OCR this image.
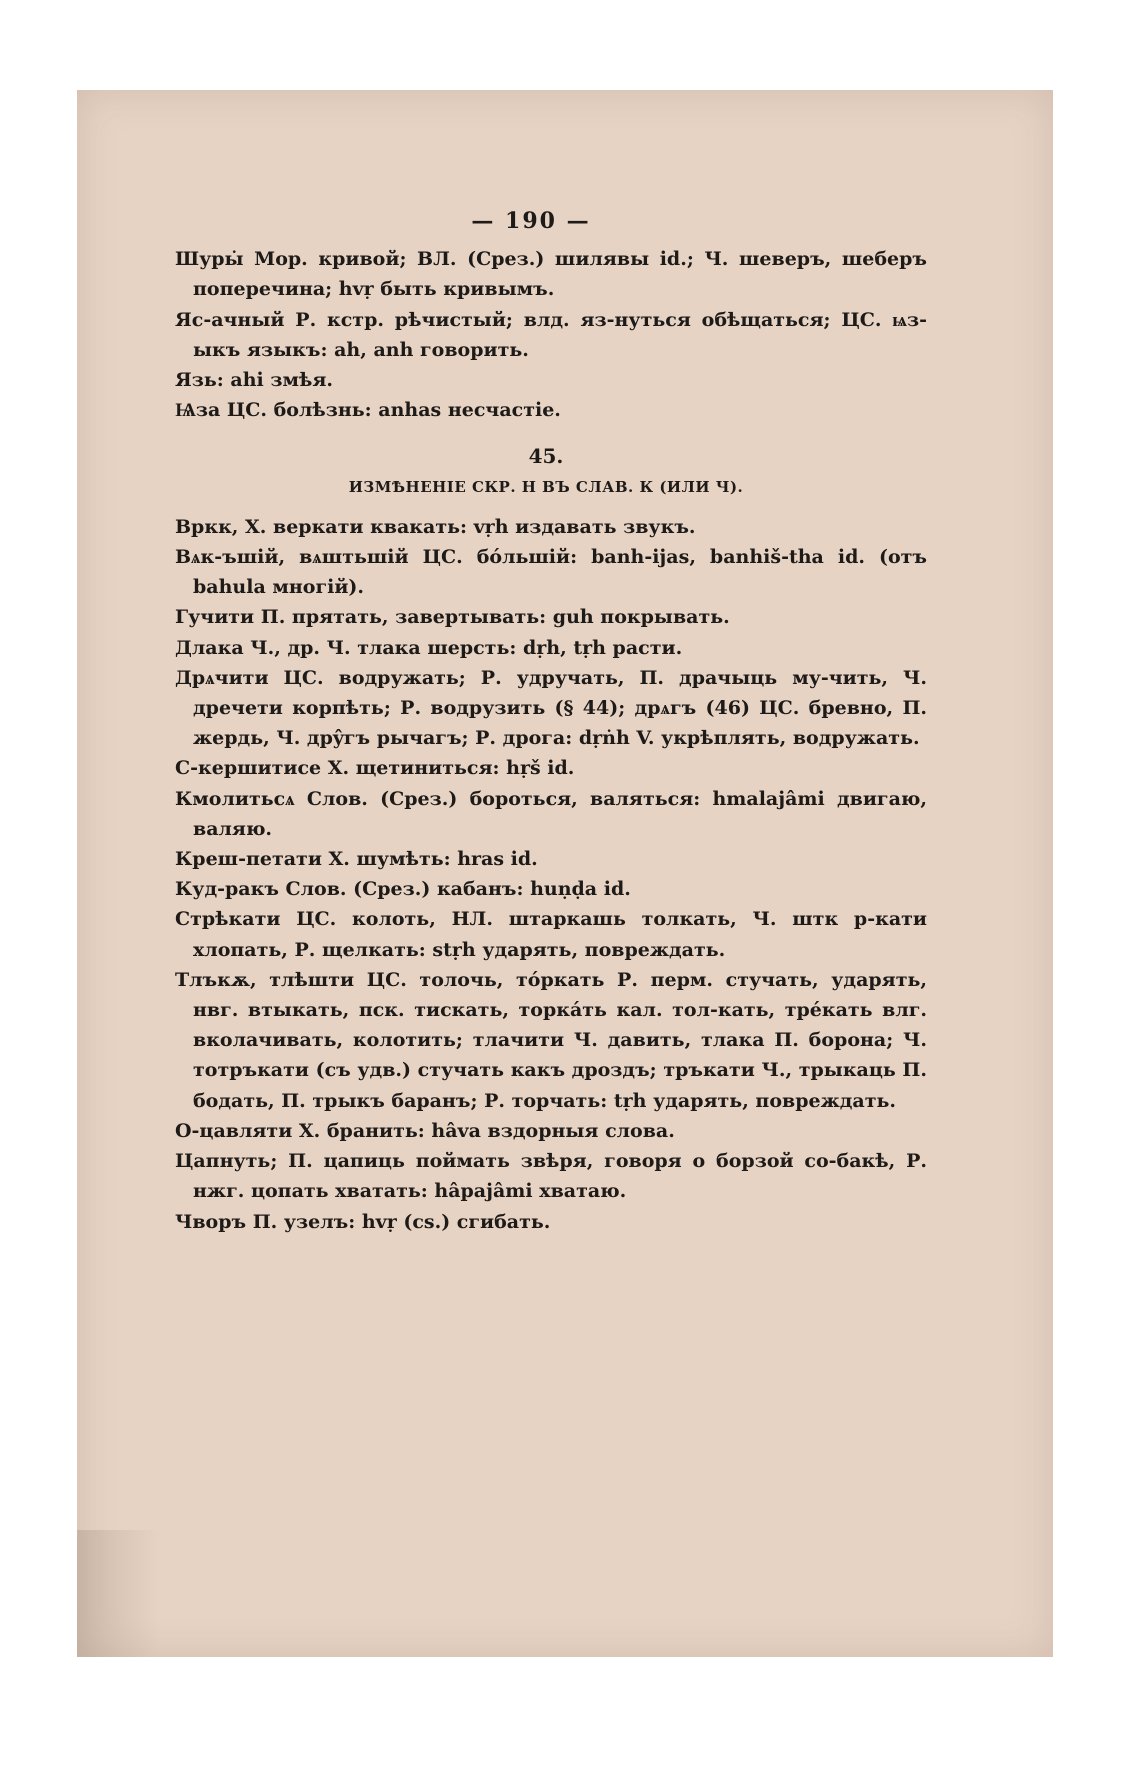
— 190 —

Шуры̇ Мор. кривой; ВЛ. (Срез.) шилявы id.; Ч. шеверъ, шеберъ поперечина; hvṛ быть кривымъ.

Яс-ачный Р. кстр. рѣчистый; влд. яз-нуться обѣщаться; ЦС. ѩз-ыкъ языкъ: ah, anh говорить.

Язь: ahi змѣя.

Ѩза ЦС. болѣзнь: anhas несчастіе.

45.
ИЗМѢНЕНІЕ СКР. H ВЪ СЛАВ. К (ИЛИ Ч).

Вркк, Х. веркати квакать: vṛh издавать звукъ.

Вѧк-ъшій, вѧштьшій ЦС. бóльшій: banh-ijas, banhiš-tha id. (отъ bahula многій).

Гучити П. прятать, завертывать: guh покрывать.

Длака Ч., др. Ч. тлака шерсть: dṛh, tṛh расти.

Дрѧчити ЦС. водружать; Р. удручать, П. драчыць му-чить, Ч. дречети корпѣть; Р. водрузить (§ 44); дрѧгъ (46) ЦС. бревно, П. жердь, Ч. дрŷгъ рычагъ; Р. дрога: dṛṅh V. укрѣплять, водружать.

С-кершитисе Х. щетиниться: hṛš id.

Кмолитьсѧ Слов. (Срез.) бороться, валяться: hmalajâmi двигаю, валяю.

Креш-петати Х. шумѣть: hras id.

Куд-ракъ Слов. (Срез.) кабанъ: huṇḍa id.

Стрѣкати ЦС. колоть, НЛ. штаркашь толкать, Ч. штк р-кати хлопать, Р. щелкать: stṛh ударять, повреждать.

Тлъкѫ, тлѣшти ЦС. толочь, тóркать Р. перм. стучать, ударять, нвг. втыкать, пск. тискать, торкáть кал. тол-кать, трéкать влг. вколачивать, колотить; тлачити Ч. давить, тлака П. борона; Ч. тотръкати (съ удв.) стучать какъ дроздъ; тръкати Ч., трыкаць П. бодать, П. трыкъ баранъ; Р. торчать: tṛh ударять, повреждать.

О-цавляти Х. бранить: hâva вздорныя слова.

Цапнуть; П. цапиць поймать звѣря, говоря о борзой со-бакѣ, Р. нжг. цопать хватать: hâpajâmi хватаю.

Чворъ П. узелъ: hvṛ (cs.) сгибать.
